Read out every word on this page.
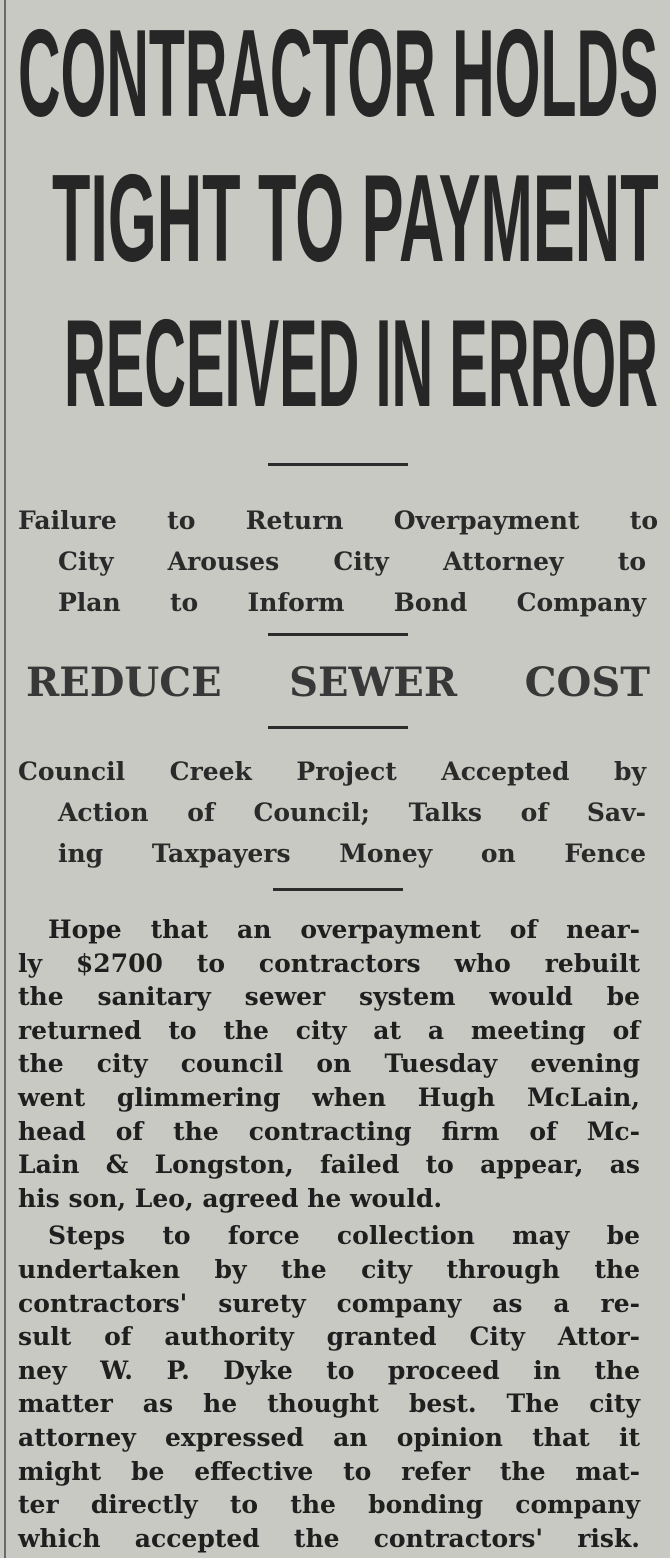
CONTRACTOR HOLDS
TIGHT TO PAYMENT
RECEIVED IN ERROR
Failure to Return Overpayment to
City Arouses City Attorney to
Plan to Inform Bond Company
REDUCE SEWER COST
Council Creek Project Accepted by
Action of Council; Talks of Sav-
ing Taxpayers Money on Fence
Hope that an overpayment of near-
ly $2700 to contractors who rebuilt
the sanitary sewer system would be
returned to the city at a meeting of
the city council on Tuesday evening
went glimmering when Hugh McLain,
head of the contracting firm of Mc-
Lain & Longston, failed to appear, as
his son, Leo, agreed he would.
Steps to force collection may be
undertaken by the city through the
contractors' surety company as a re-
sult of authority granted City Attor-
ney W. P. Dyke to proceed in the
matter as he thought best. The city
attorney expressed an opinion that it
might be effective to refer the mat-
ter directly to the bonding company
which accepted the contractors' risk.
